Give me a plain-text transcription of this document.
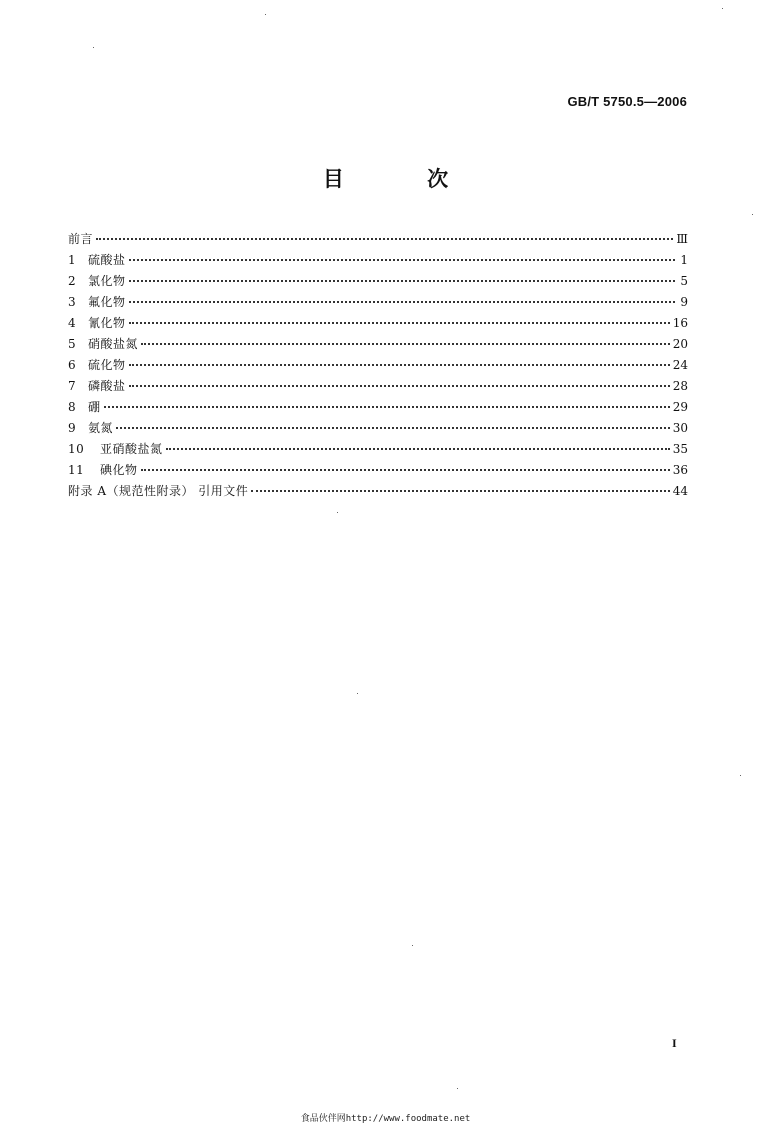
GB/T 5750.5—2006
目 次
前言	Ⅲ
1 硫酸盐	1
2 氯化物	5
3 氟化物	9
4 氰化物	16
5 硝酸盐氮	20
6 硫化物	24
7 磷酸盐	28
8 硼	29
9 氨氮	30
10 亚硝酸盐氮	35
11 碘化物	36
附录 A（规范性附录） 引用文件	44
I
食品伙伴网http://www.foodmate.net
